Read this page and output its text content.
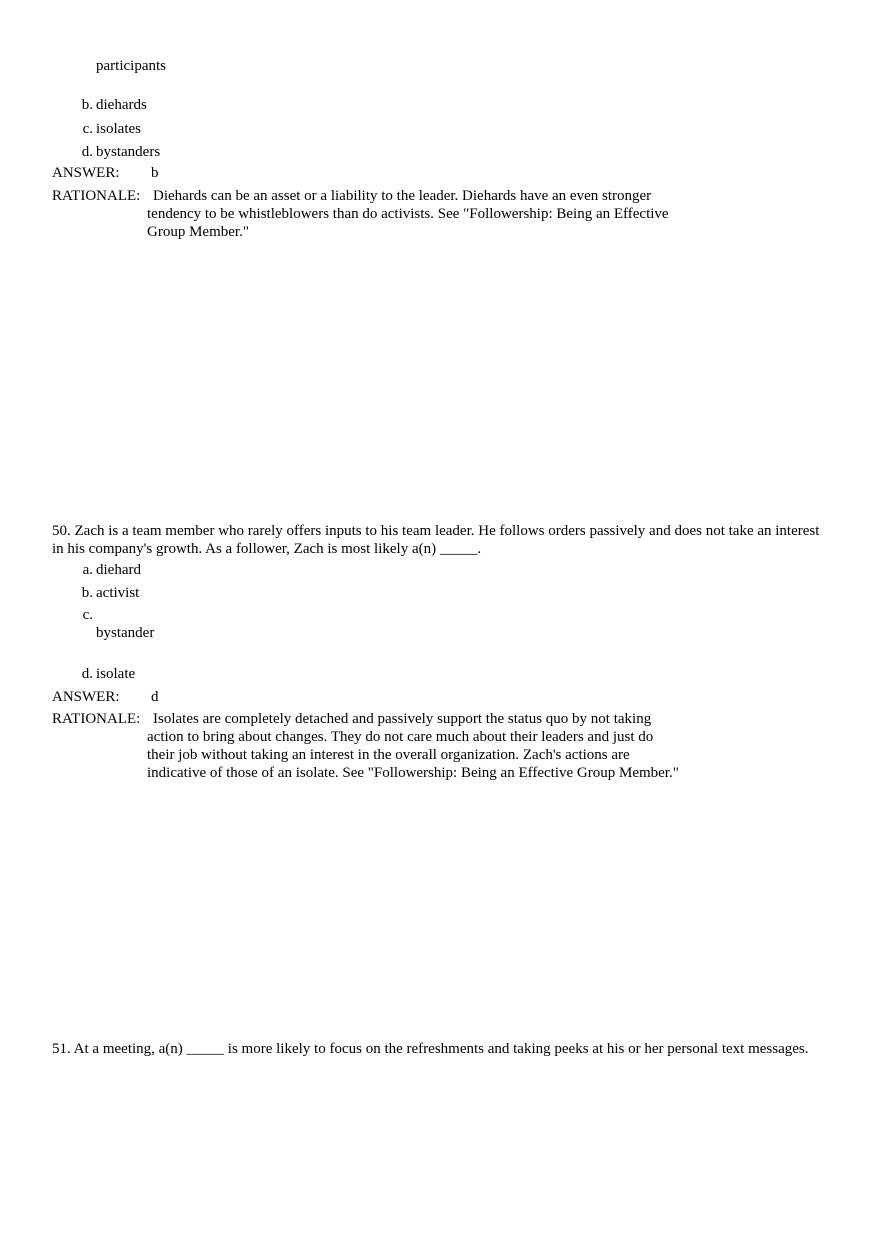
participants
b. diehards
c. isolates
d. bystanders
ANSWER: b
RATIONALE: Diehards can be an asset or a liability to the leader. Diehards have an even stronger tendency to be whistleblowers than do activists. See "Followership: Being an Effective Group Member."
50. Zach is a team member who rarely offers inputs to his team leader. He follows orders passively and does not take an interest in his company's growth. As a follower, Zach is most likely a(n) _____.
a. diehard
b. activist
c.
bystander
d. isolate
ANSWER: d
RATIONALE: Isolates are completely detached and passively support the status quo by not taking action to bring about changes. They do not care much about their leaders and just do their job without taking an interest in the overall organization. Zach's actions are indicative of those of an isolate. See "Followership: Being an Effective Group Member."
51. At a meeting, a(n) _____ is more likely to focus on the refreshments and taking peeks at his or her personal text messages.
